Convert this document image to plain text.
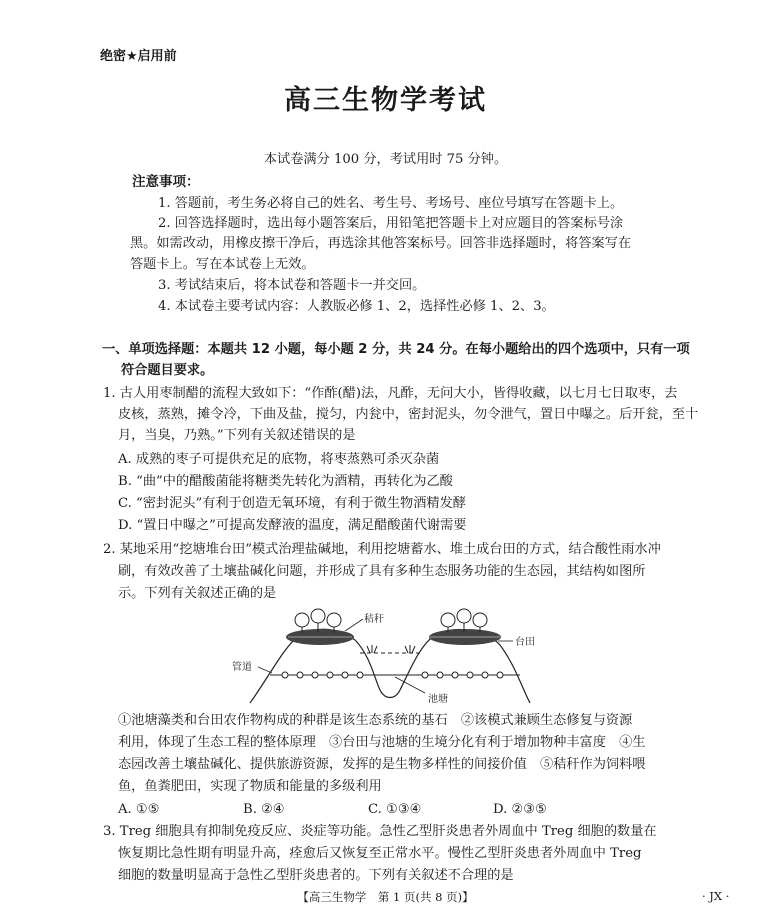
绝密★启用前
高三生物学考试
本试卷满分 100 分，考试用时 75 分钟。
注意事项：
1. 答题前，考生务必将自己的姓名、考生号、考场号、座位号填写在答题卡上。
2. 回答选择题时，选出每小题答案后，用铅笔把答题卡上对应题目的答案标号涂
黑。如需改动，用橡皮擦干净后，再选涂其他答案标号。回答非选择题时，将答案写在
答题卡上。写在本试卷上无效。
3. 考试结束后，将本试卷和答题卡一并交回。
4. 本试卷主要考试内容：人教版必修 1、2，选择性必修 1、2、3。
一、单项选择题：本题共 12 小题，每小题 2 分，共 24 分。在每小题给出的四个选项中，只有一项
符合题目要求。
1. 古人用枣制醋的流程大致如下：“作酢(醋)法，凡酢，无问大小，皆得收藏，以七月七日取枣，去
皮核，蒸熟，摊令冷，下曲及盐，搅匀，内瓮中，密封泥头，勿令泄气，置日中曝之。后开瓮，至十
月，当臭，乃熟。”下列有关叙述错误的是
A. 成熟的枣子可提供充足的底物，将枣蒸熟可杀灭杂菌
B. “曲”中的醋酸菌能将糖类先转化为酒精，再转化为乙酸
C. “密封泥头”有利于创造无氧环境，有利于微生物酒精发酵
D. “置日中曝之”可提高发酵液的温度，满足醋酸菌代谢需要
2. 某地采用“挖塘堆台田”模式治理盐碱地，利用挖塘蓄水、堆土成台田的方式，结合酸性雨水冲
刷，有效改善了土壤盐碱化问题，并形成了具有多种生态服务功能的生态园，其结构如图所
示。下列有关叙述正确的是
秸秆
台田
管道
池塘
①池塘藻类和台田农作物构成的种群是该生态系统的基石　②该模式兼顾生态修复与资源
利用，体现了生态工程的整体原理　③台田与池塘的生境分化有利于增加物种丰富度　④生
态园改善土壤盐碱化、提供旅游资源，发挥的是生物多样性的间接价值　⑤秸秆作为饲料喂
鱼，鱼粪肥田，实现了物质和能量的多级利用
A. ①⑤	B. ②④	C. ①③④	D. ②③⑤
3. Treg 细胞具有抑制免疫反应、炎症等功能。急性乙型肝炎患者外周血中 Treg 细胞的数量在
恢复期比急性期有明显升高，痊愈后又恢复至正常水平。慢性乙型肝炎患者外周血中 Treg
细胞的数量明显高于急性乙型肝炎患者的。下列有关叙述不合理的是
【高三生物学　第 1 页(共 8 页)】	· JX ·
